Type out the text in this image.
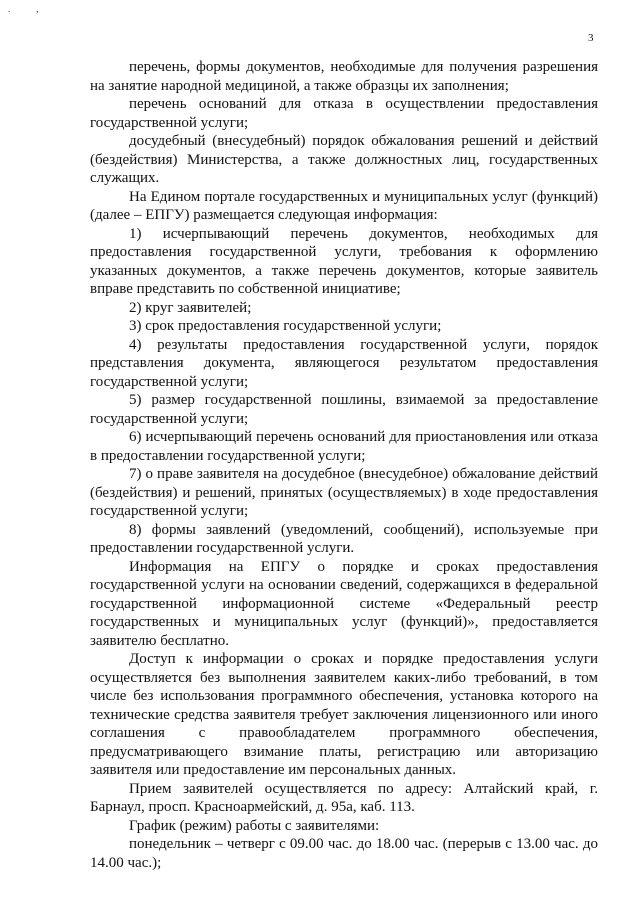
.,
3

перечень, формы документов, необходимые для получения разрешения на занятие народной медициной, а также образцы их заполнения;

перечень оснований для отказа в осуществлении предоставления государственной услуги;

досудебный (внесудебный) порядок обжалования решений и действий (бездействия) Министерства, а также должностных лиц, государственных служащих.

На Едином портале государственных и муниципальных услуг (функций) (далее – ЕПГУ) размещается следующая информация:

1) исчерпывающий перечень документов, необходимых для предоставления государственной услуги, требования к оформлению указанных документов, а также перечень документов, которые заявитель вправе представить по собственной инициативе;

2) круг заявителей;

3) срок предоставления государственной услуги;

4) результаты предоставления государственной услуги, порядок представления документа, являющегося результатом предоставления государственной услуги;

5) размер государственной пошлины, взимаемой за предоставление государственной услуги;

6) исчерпывающий перечень оснований для приостановления или отказа в предоставлении государственной услуги;

7) о праве заявителя на досудебное (внесудебное) обжалование действий (бездействия) и решений, принятых (осуществляемых) в ходе предоставления государственной услуги;

8) формы заявлений (уведомлений, сообщений), используемые при предоставлении государственной услуги.

Информация на ЕПГУ о порядке и сроках предоставления государственной услуги на основании сведений, содержащихся в федеральной государственной информационной системе «Федеральный реестр государственных и муниципальных услуг (функций)», предоставляется заявителю бесплатно.

Доступ к информации о сроках и порядке предоставления услуги осуществляется без выполнения заявителем каких-либо требований, в том числе без использования программного обеспечения, установка которого на технические средства заявителя требует заключения лицензионного или иного соглашения с правообладателем программного обеспечения, предусматривающего взимание платы, регистрацию или авторизацию заявителя или предоставление им персональных данных.

Прием заявителей осуществляется по адресу: Алтайский край, г. Барнаул, просп. Красноармейский, д. 95а, каб. 113.

График (режим) работы с заявителями:

понедельник – четверг с 09.00 час. до 18.00 час. (перерыв с 13.00 час. до 14.00 час.);
